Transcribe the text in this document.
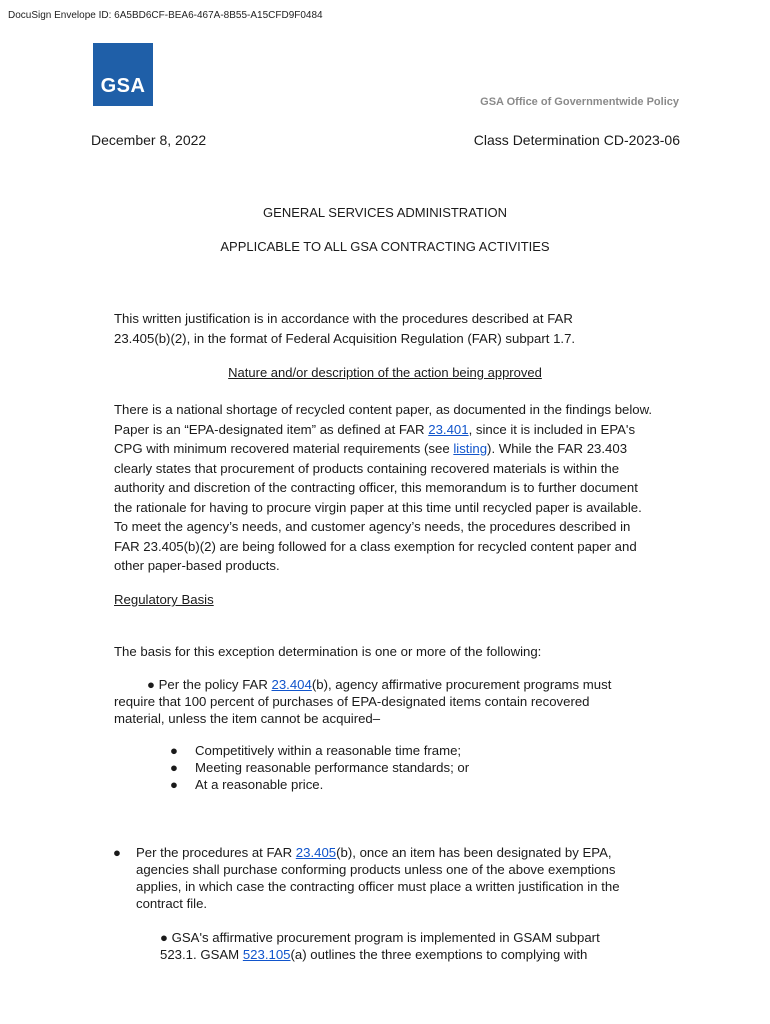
DocuSign Envelope ID: 6A5BD6CF-BEA6-467A-8B55-A15CFD9F0484
GSA
GSA Office of Governmentwide Policy
December 8, 2022	Class Determination CD-2023-06
GENERAL SERVICES ADMINISTRATION
APPLICABLE TO ALL GSA CONTRACTING ACTIVITIES
This written justification is in accordance with the procedures described at FAR
23.405(b)(2), in the format of Federal Acquisition Regulation (FAR) subpart 1.7.
Nature and/or description of the action being approved
There is a national shortage of recycled content paper, as documented in the findings below.
Paper is an “EPA-designated item” as defined at FAR 23.401, since it is included in EPA's
CPG with minimum recovered material requirements (see listing). While the FAR 23.403
clearly states that procurement of products containing recovered materials is within the
authority and discretion of the contracting officer, this memorandum is to further document
the rationale for having to procure virgin paper at this time until recycled paper is available.
To meet the agency’s needs, and customer agency’s needs, the procedures described in
FAR 23.405(b)(2) are being followed for a class exemption for recycled content paper and
other paper-based products.
Regulatory Basis
The basis for this exception determination is one or more of the following:
● Per the policy FAR 23.404(b), agency affirmative procurement programs must
require that 100 percent of purchases of EPA-designated items contain recovered
material, unless the item cannot be acquired–
● Competitively within a reasonable time frame;
● Meeting reasonable performance standards; or
● At a reasonable price.
● Per the procedures at FAR 23.405(b), once an item has been designated by EPA,
agencies shall purchase conforming products unless one of the above exemptions
applies, in which case the contracting officer must place a written justification in the
contract file.
● GSA's affirmative procurement program is implemented in GSAM subpart
523.1. GSAM 523.105(a) outlines the three exemptions to complying with
